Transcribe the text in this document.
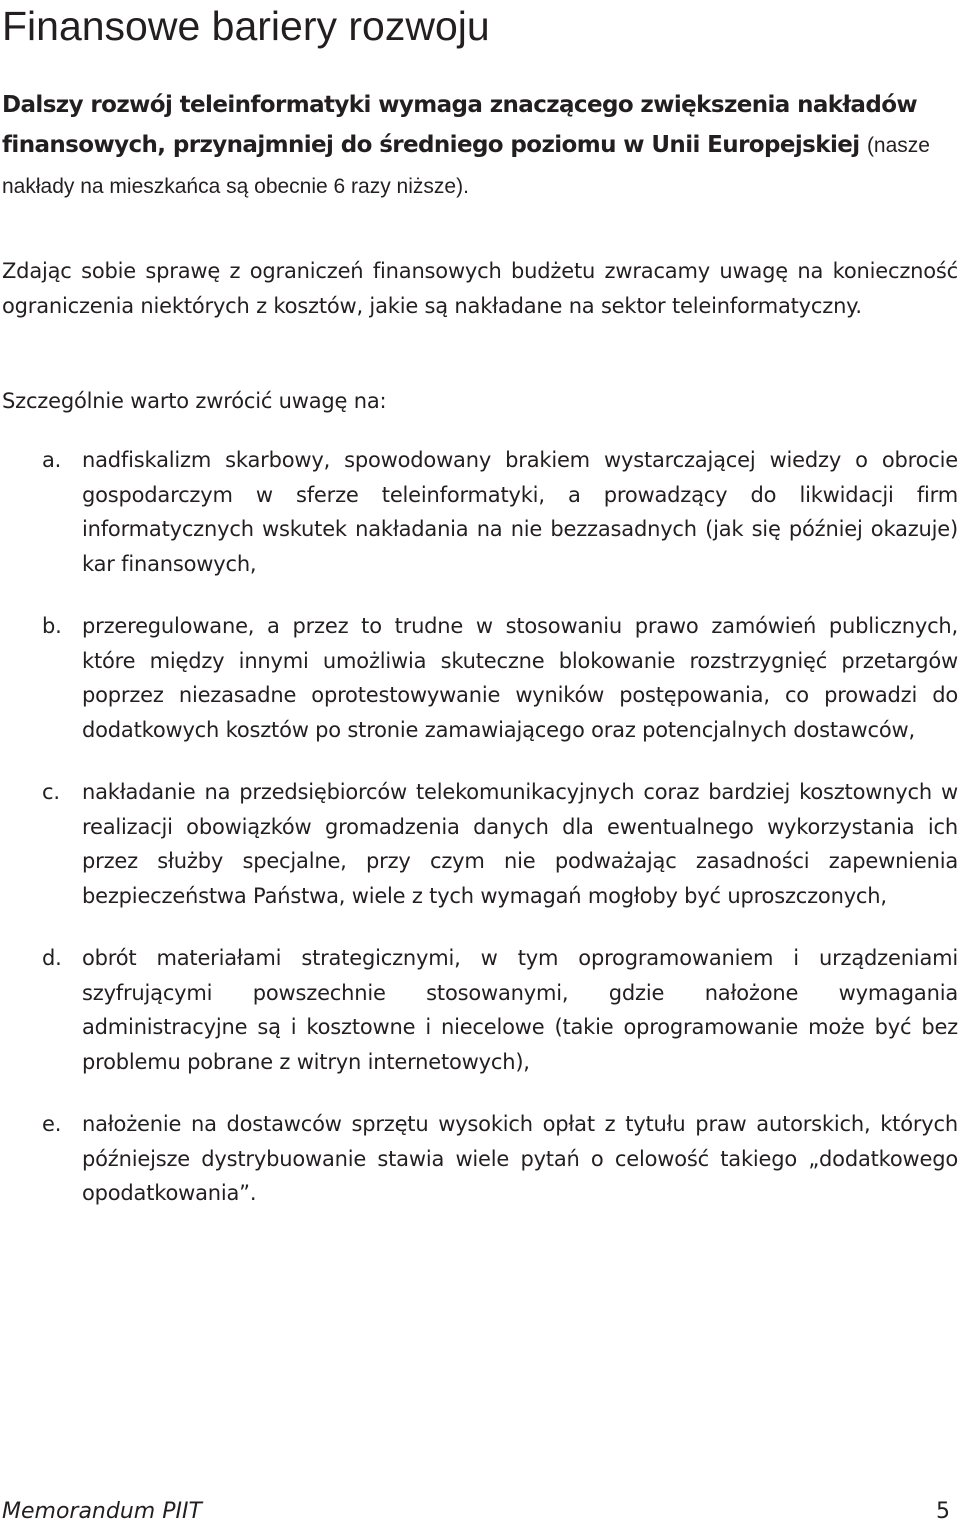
Finansowe bariery rozwoju

Dalszy rozwój teleinformatyki wymaga znaczącego zwiększenia nakładów finansowych, przynajmniej do średniego poziomu w Unii Europejskiej (nasze nakłady na mieszkańca są obecnie 6 razy niższe).

Zdając sobie sprawę z ograniczeń finansowych budżetu zwracamy uwagę na konieczność ograniczenia niektórych z kosztów, jakie są nakładane na sektor teleinformatyczny.

Szczególnie warto zwrócić uwagę na:

a. nadfiskalizm skarbowy, spowodowany brakiem wystarczającej wiedzy o obrocie gospodarczym w sferze teleinformatyki, a prowadzący do likwidacji firm informatycznych wskutek nakładania na nie bezzasadnych (jak się później okazuje) kar finansowych,
b. przeregulowane, a przez to trudne w stosowaniu prawo zamówień publicznych, które między innymi umożliwia skuteczne blokowanie rozstrzygnięć przetargów poprzez niezasadne oprotestowywanie wyników postępowania, co prowadzi do dodatkowych kosztów po stronie zamawiającego oraz potencjalnych dostawców,
c. nakładanie na przedsiębiorców telekomunikacyjnych coraz bardziej kosztownych w realizacji obowiązków gromadzenia danych dla ewentualnego wykorzystania ich przez służby specjalne, przy czym nie podważając zasadności zapewnienia bezpieczeństwa Państwa, wiele z tych wymagań mogłoby być uproszczonych,
d. obrót materiałami strategicznymi, w tym oprogramowaniem i urządzeniami szyfrującymi powszechnie stosowanymi, gdzie nałożone wymagania administracyjne są i kosztowne i niecelowe (takie oprogramowanie może być bez problemu pobrane z witryn internetowych),
e. nałożenie na dostawców sprzętu wysokich opłat z tytułu praw autorskich, których późniejsze dystrybuowanie stawia wiele pytań o celowość takiego „dodatkowego opodatkowania”.
Memorandum PIIT	5
